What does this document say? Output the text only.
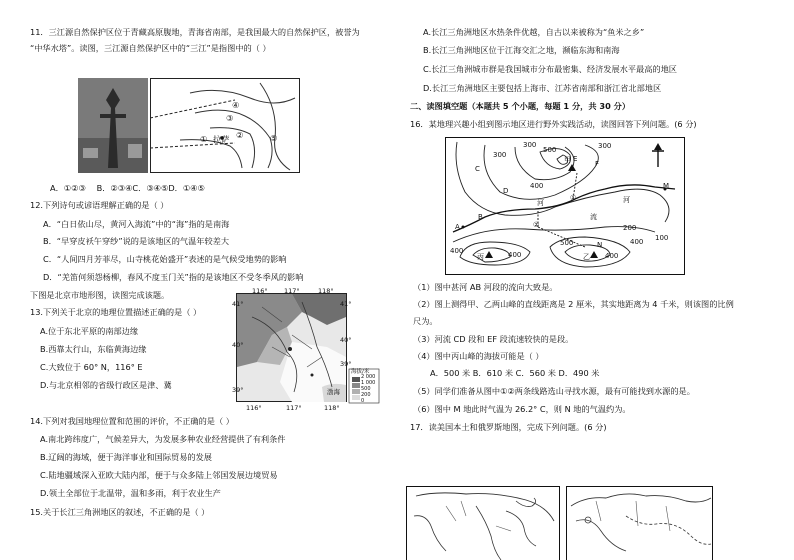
11．三江源自然保护区位于青藏高原腹地，青海省南部，是我国最大的自然保护区，被誉为
“中华水塔”。读图，三江源自然保护区中的“三江”是指图中的（ ）
④
③
②
①	⑤
拉萨
A．①②③　 B．②③④C．③④⑤D．①④⑤
12.下列诗句或谚语理解正确的是（ ）
A．“白日依山尽，黄河入海流”中的“海”指的是南海
B．“早穿皮袄午穿纱”说的是该地区的气温年较差大
C．“人间四月芳菲尽，山寺桃花始盛开”表述的是气候受地势的影响
D．“羌笛何须怨杨柳，春风不度玉门关”指的是该地区不受冬季风的影响
下图是北京市地形图，读图完成该题。
13.下列关于北京的地理位置描述正确的是（ ）
A.位于东北平原的南部边缘
B.西靠太行山，东临黄海边缘
C.大致位于 60° N，116° E
D.与北京相邻的省级行政区是津、冀
116°	117°	118°
41°
40°
39°
41°
40°
39°
116°	117°	118°
渤海
海拔/米
2 000
1 000
500
200
0
14.下列对我国地理位置和范围的评价，不正确的是（ ）
A.南北跨纬度广，气候差异大，为发展多种农业经营提供了有利条件
B.辽阔的海域，便于海洋事业和国际贸易的发展
C.陆地疆域深入亚欧大陆内部，便于与众多陆上邻国发展边境贸易
D.领土全部位于北温带，温和多雨，利于农业生产
15.关于长江三角洲地区的叙述，不正确的是（ ）
A.长江三角洲地区水热条件优越，自古以来被称为“鱼米之乡”
B.长江三角洲地区位于江海交汇之地，濒临东海和南海
C.长江三角洲城市群是我国城市分布最密集、经济发展水平最高的地区
D.长江三角洲地区主要包括上海市、江苏省南部和浙江省北部地区
二、读图填空题（本题共 5 个小题，每题 1 分，共 30 分）
16．某地理兴趣小组到图示地区进行野外实践活动，读图回答下列问题。(6 分)
300
300	300
500
400
400	400
500
400
400
200
100
甲
乙
丙
河
流
河
A
B
C
D
E
F
M
N
①
②
（1）图中甚河 AB 河段的流向大致是。
（2）图上测得甲、乙两山峰的直线距离是 2 厘米，其实地距离为 4 千米，则该图的比例
尺为。
（3）河流 CD 段和 EF 段流速较快的是段。
（4）图中丙山峰的海拔可能是（ ）
A．500 米 B．610 米 C．560 米 D．490 米
（5）同学们准备从图中①②两条线路选山寻找水源，最有可能找到水源的是。
（6）图中 M 地此时气温为 26.2° C，则 N 地的气温约为。
17．读美国本土和俄罗斯地图，完成下列问题。(6 分)
